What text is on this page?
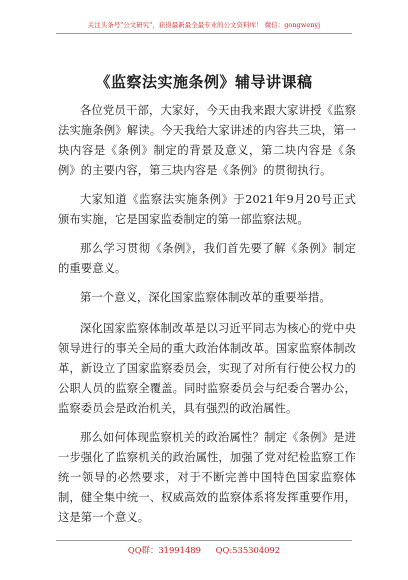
关注头条号"公文研究"，获得最新最全最专业的公文资料库！ 微信：gongwenyj
《监察法实施条例》辅导讲课稿

各位党员干部，大家好，今天由我来跟大家讲授《监察法实施条例》解读。今天我给大家讲述的内容共三块，第一块内容是《条例》制定的背景及意义，第二块内容是《条例》的主要内容，第三块内容是《条例》的贯彻执行。

大家知道《监察法实施条例》于2021年9月20号正式颁布实施，它是国家监委制定的第一部监察法规。

那么学习贯彻《条例》，我们首先要了解《条例》制定的重要意义。

第一个意义，深化国家监察体制改革的重要举措。

深化国家监察体制改革是以习近平同志为核心的党中央领导进行的事关全局的重大政治体制改革。国家监察体制改革，新设立了国家监察委员会，实现了对所有行使公权力的公职人员的监察全覆盖。同时监察委员会与纪委合署办公，监察委员会是政治机关，具有强烈的政治属性。

那么如何体现监察机关的政治属性？制定《条例》是进一步强化了监察机关的政治属性，加强了党对纪检监察工作统一领导的必然要求，对于不断完善中国特色国家监察体制，健全集中统一、权威高效的监察体系将发挥重要作用，这是第一个意义。

QQ群：31991489 QQ:535304092
